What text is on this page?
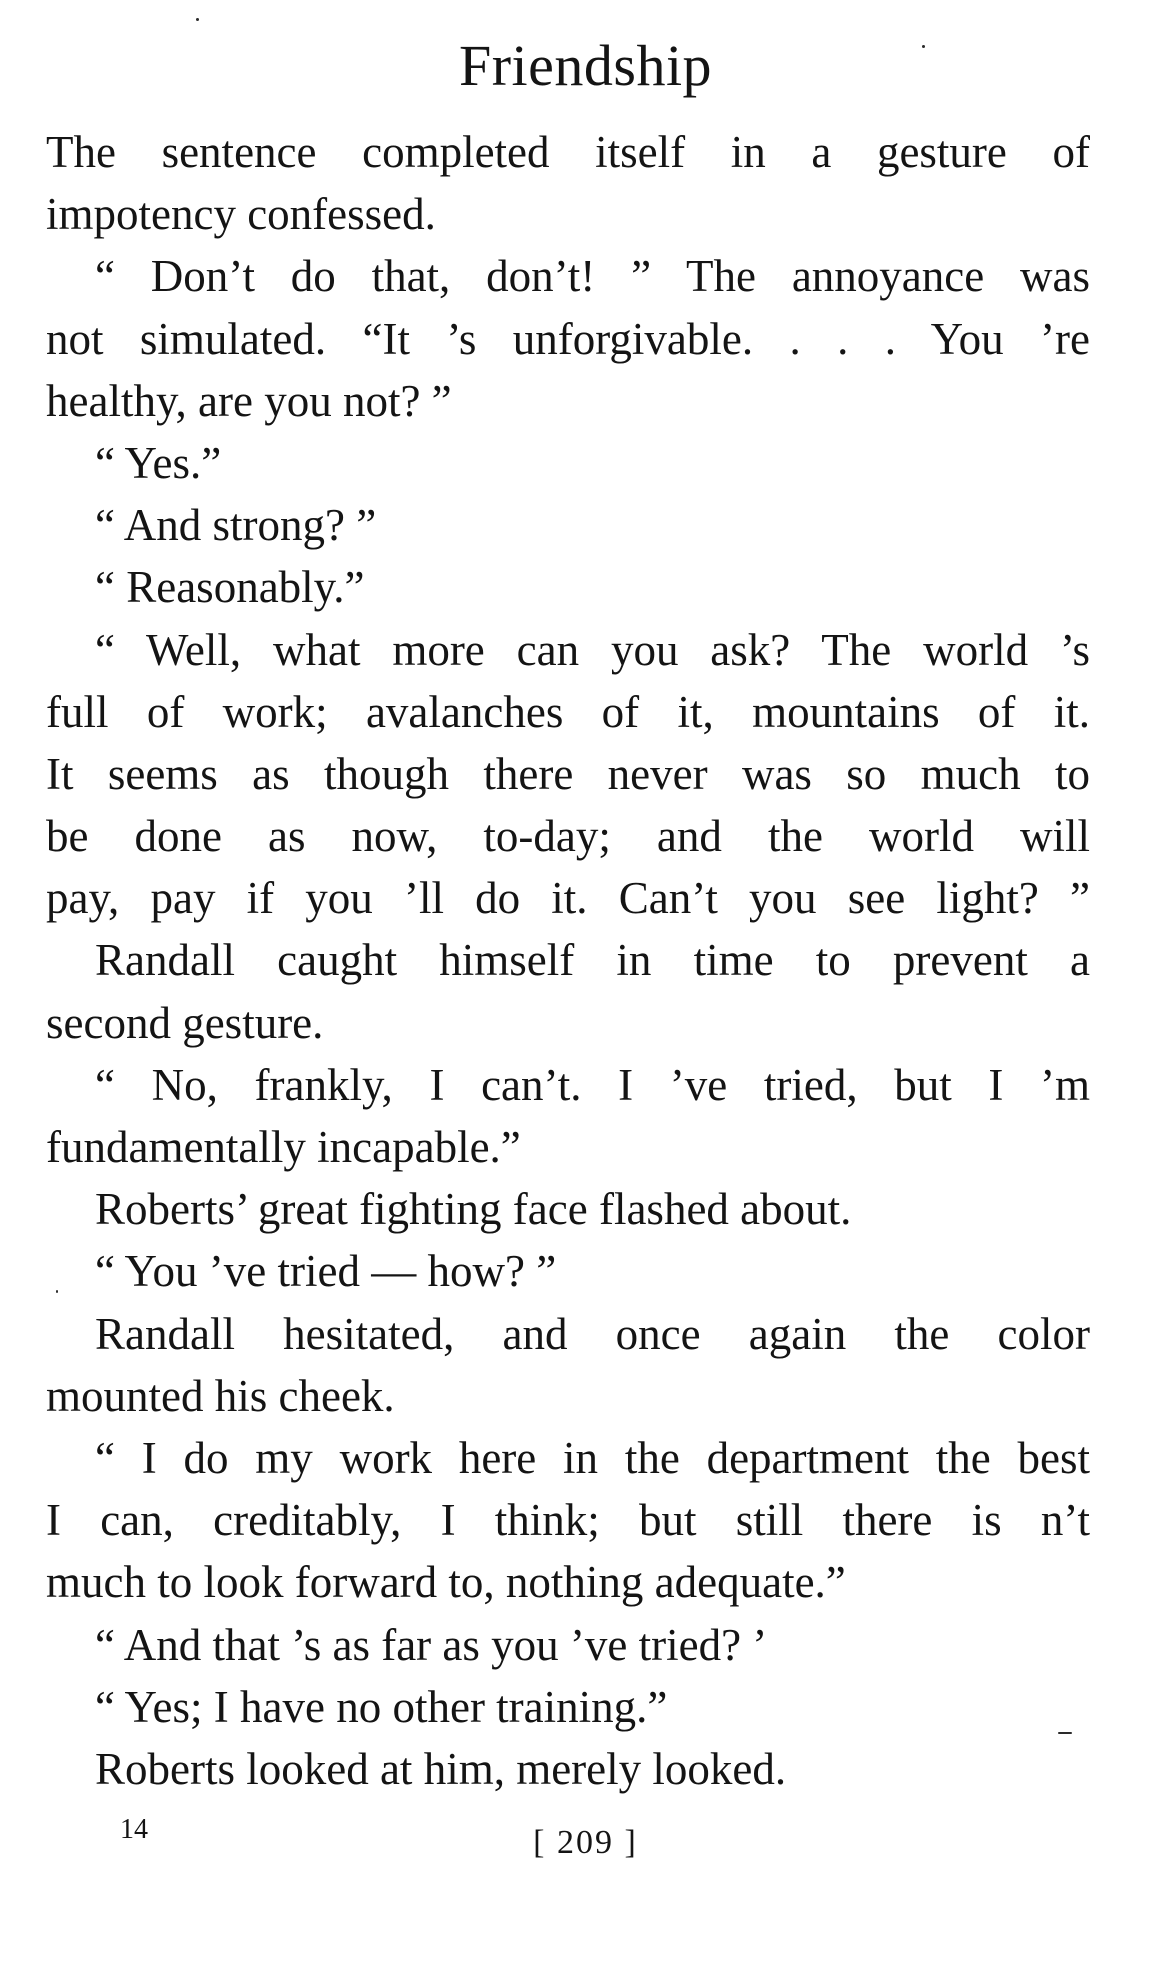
Friendship
The sentence completed itself in a gesture of
impotency confessed.
“ Don’t do that, don’t! ” The annoyance was
not simulated. “It ’s unforgivable. . . . You ’re
healthy, are you not? ”
“ Yes.”
“ And strong? ”
“ Reasonably.”
“ Well, what more can you ask? The world ’s
full of work; avalanches of it, mountains of it.
It seems as though there never was so much to
be done as now, to-day; and the world will
pay, pay if you ’ll do it. Can’t you see light? ”
Randall caught himself in time to prevent a
second gesture.
“ No, frankly, I can’t. I ’ve tried, but I ’m
fundamentally incapable.”
Roberts’ great fighting face flashed about.
“ You ’ve tried — how? ”
Randall hesitated, and once again the color
mounted his cheek.
“ I do my work here in the department the best
I can, creditably, I think; but still there is n’t
much to look forward to, nothing adequate.”
“ And that ’s as far as you ’ve tried? ’
“ Yes; I have no other training.”
Roberts looked at him, merely looked.
14	[ 209 ]
